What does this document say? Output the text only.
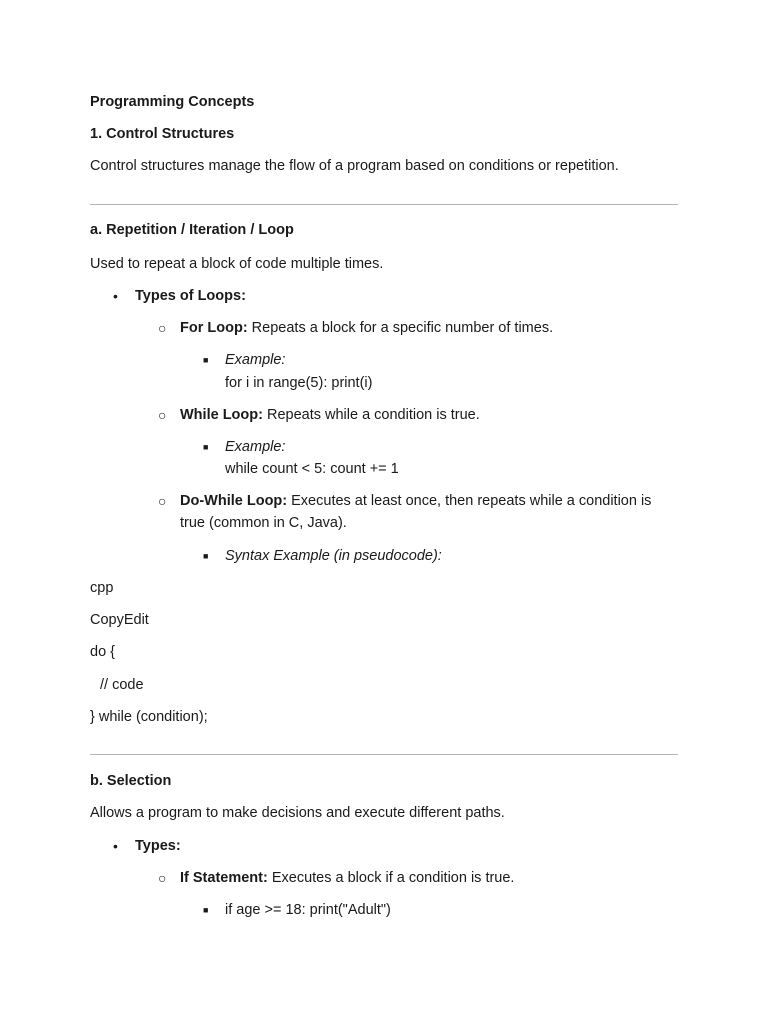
Programming Concepts
1. Control Structures
Control structures manage the flow of a program based on conditions or repetition.
a. Repetition / Iteration / Loop
Used to repeat a block of code multiple times.
• Types of Loops:
○ For Loop: Repeats a block for a specific number of times.
■ Example:
for i in range(5): print(i)
○ While Loop: Repeats while a condition is true.
■ Example:
while count < 5: count += 1
○ Do-While Loop: Executes at least once, then repeats while a condition is true (common in C, Java).
■ Syntax Example (in pseudocode):
cpp
CopyEdit
do {
// code
} while (condition);
b. Selection
Allows a program to make decisions and execute different paths.
• Types:
○ If Statement: Executes a block if a condition is true.
■ if age >= 18: print("Adult")
